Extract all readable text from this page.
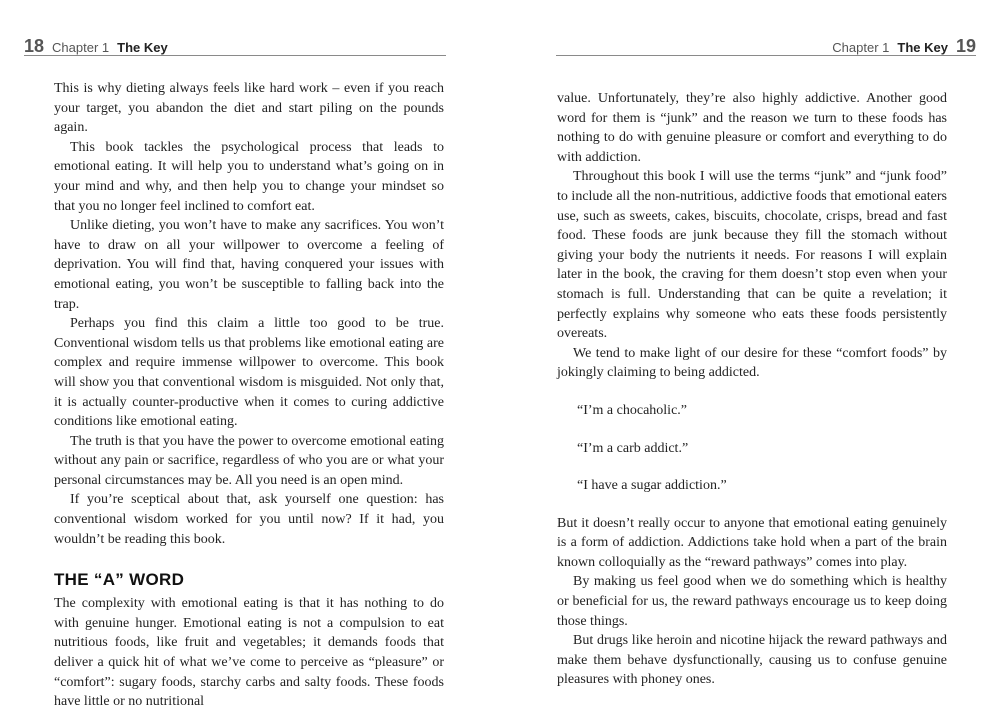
18 Chapter 1 The Key

This is why dieting always feels like hard work – even if you reach your target, you abandon the diet and start piling on the pounds again.

This book tackles the psychological process that leads to emotional eating. It will help you to understand what’s going on in your mind and why, and then help you to change your mindset so that you no longer feel inclined to comfort eat.

Unlike dieting, you won’t have to make any sacrifices. You won’t have to draw on all your willpower to overcome a feeling of deprivation. You will find that, having conquered your issues with emotional eating, you won’t be susceptible to falling back into the trap.

Perhaps you find this claim a little too good to be true. Conventional wisdom tells us that problems like emotional eating are complex and require immense willpower to overcome. This book will show you that conventional wisdom is misguided. Not only that, it is actually counter-productive when it comes to curing addictive conditions like emotional eating.

The truth is that you have the power to overcome emotional eating without any pain or sacrifice, regardless of who you are or what your personal circumstances may be. All you need is an open mind.

If you’re sceptical about that, ask yourself one question: has conventional wisdom worked for you until now? If it had, you wouldn’t be reading this book.

THE “A” WORD

The complexity with emotional eating is that it has nothing to do with genuine hunger. Emotional eating is not a compulsion to eat nutritious foods, like fruit and vegetables; it demands foods that deliver a quick hit of what we’ve come to perceive as “pleasure” or “comfort”: sugary foods, starchy carbs and salty foods. These foods have little or no nutritional

Chapter 1 The Key 19

value. Unfortunately, they’re also highly addictive. Another good word for them is “junk” and the reason we turn to these foods has nothing to do with genuine pleasure or comfort and everything to do with addiction.

Throughout this book I will use the terms “junk” and “junk food” to include all the non-nutritious, addictive foods that emotional eaters use, such as sweets, cakes, biscuits, chocolate, crisps, bread and fast food. These foods are junk because they fill the stomach without giving your body the nutrients it needs. For reasons I will explain later in the book, the craving for them doesn’t stop even when your stomach is full. Understanding that can be quite a revelation; it perfectly explains why someone who eats these foods persistently overeats.

We tend to make light of our desire for these “comfort foods” by jokingly claiming to being addicted.

“I’m a chocaholic.”

“I’m a carb addict.”

“I have a sugar addiction.”

But it doesn’t really occur to anyone that emotional eating genuinely is a form of addiction. Addictions take hold when a part of the brain known colloquially as the “reward pathways” comes into play.

By making us feel good when we do something which is healthy or beneficial for us, the reward pathways encourage us to keep doing those things.

But drugs like heroin and nicotine hijack the reward pathways and make them behave dysfunctionally, causing us to confuse genuine pleasures with phoney ones.
